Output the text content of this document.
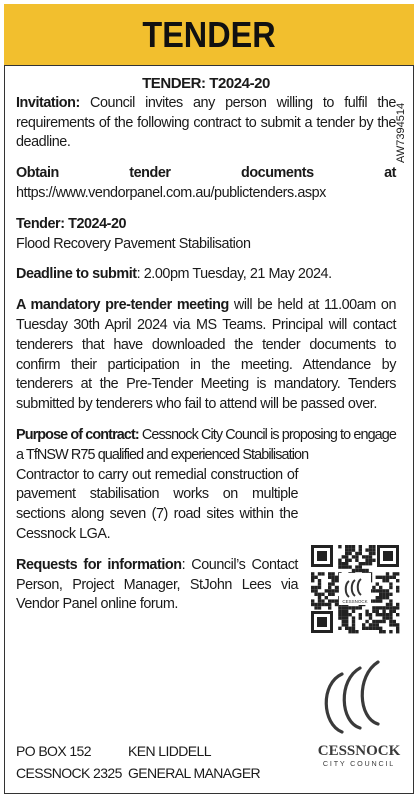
TENDER
AW7394514

TENDER: T2024-20

Invitation: Council invites any person willing to fulfil the requirements of the following contract to submit a tender by the deadline.

Obtain tender documents at

https://www.vendorpanel.com.au/publictenders.aspx

Tender: T2024-20

Flood Recovery Pavement Stabilisation

Deadline to submit: 2.00pm Tuesday, 21 May 2024.

A mandatory pre-tender meeting will be held at 11.00am on Tuesday 30th April 2024 via MS Teams. Principal will contact tenderers that have downloaded the tender documents to confirm their participation in the meeting. Attendance by tenderers at the Pre-Tender Meeting is mandatory. Tenders submitted by tenderers who fail to attend will be passed over.

Purpose of contract: Cessnock City Council is proposing to engage a TfNSW R75 qualified and experienced Stabilisation

Contractor to carry out remedial construction of pavement stabilisation works on multiple sections along seven (7) road sites within the Cessnock LGA.

Requests for information: Council’s Contact Person, Project Manager, StJohn Lees via Vendor Panel online forum.	CESSNOCK
CESSNOCK
CITY COUNCIL
PO BOX 152
CESSNOCK 2325
KEN LIDDELL
GENERAL MANAGER
